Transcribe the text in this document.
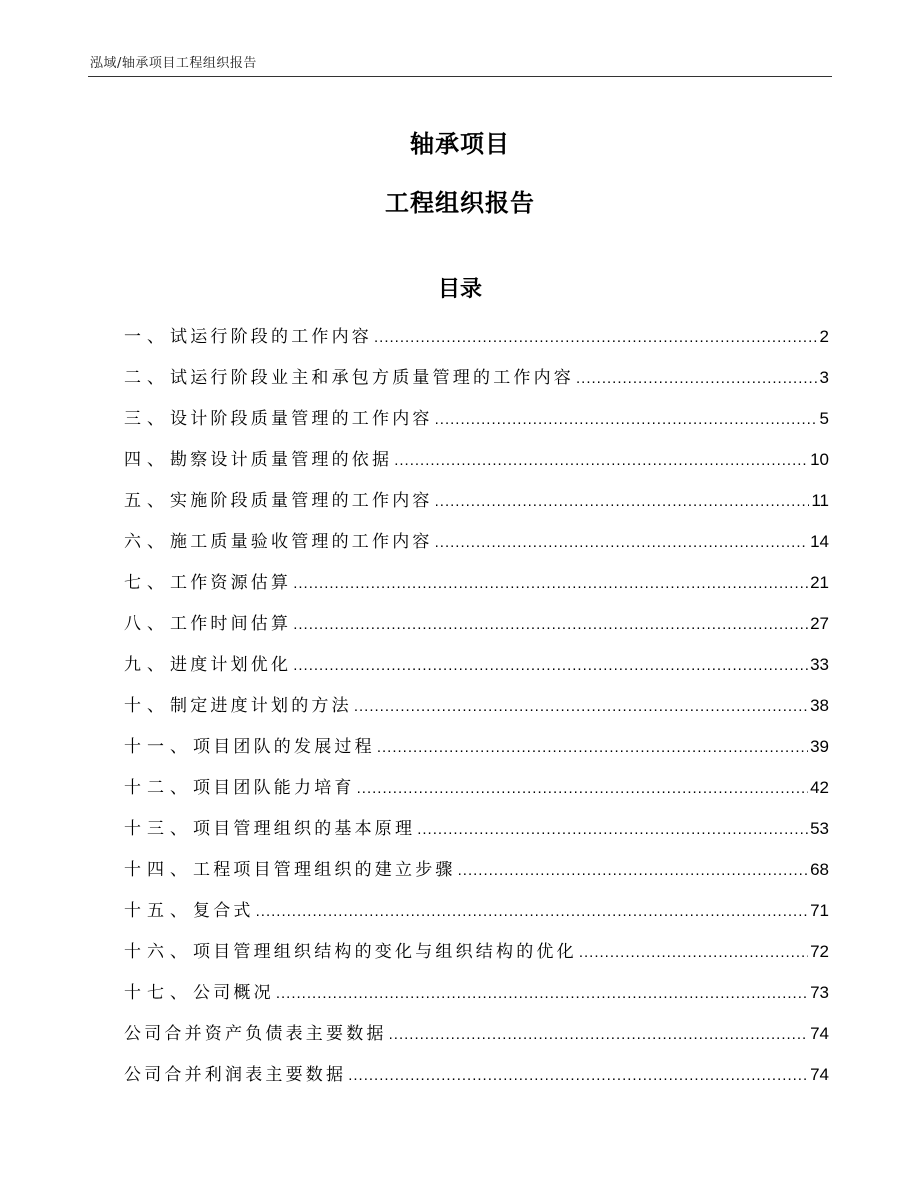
泓域/轴承项目工程组织报告
轴承项目
工程组织报告
目录
一、 试运行阶段的工作内容 .....	2
二、 试运行阶段业主和承包方质量管理的工作内容 .....	3
三、 设计阶段质量管理的工作内容 .....	5
四、 勘察设计质量管理的依据 .....	10
五、 实施阶段质量管理的工作内容 .....	11
六、 施工质量验收管理的工作内容 .....	14
七、 工作资源估算 .....	21
八、 工作时间估算 .....	27
九、 进度计划优化 .....	33
十、 制定进度计划的方法 .....	38
十一、 项目团队的发展过程 .....	39
十二、 项目团队能力培育 .....	42
十三、 项目管理组织的基本原理 .....	53
十四、 工程项目管理组织的建立步骤 .....	68
十五、 复合式 .....	71
十六、 项目管理组织结构的变化与组织结构的优化 .....	72
十七、 公司概况 .....	73
公司合并资产负债表主要数据 .....	74
公司合并利润表主要数据 .....	74
